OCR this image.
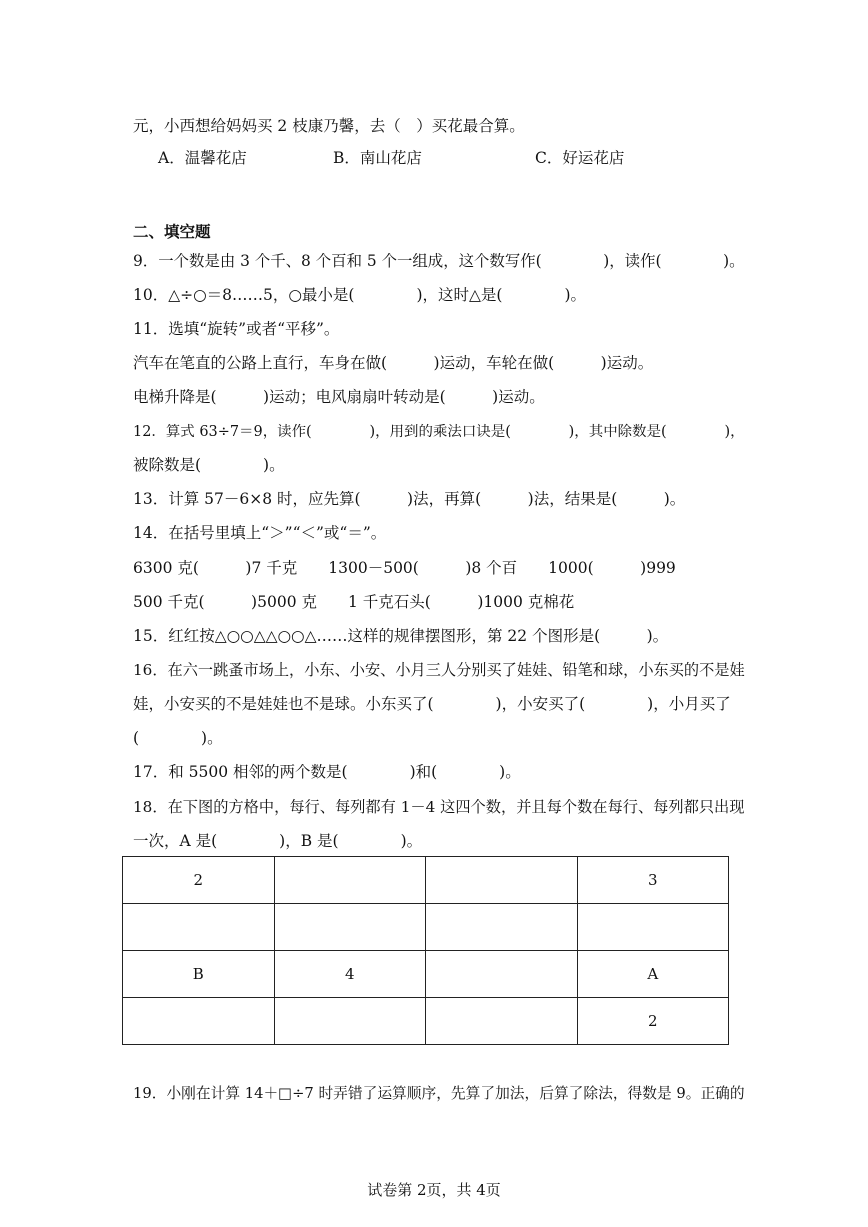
元，小西想给妈妈买 2 枝康乃馨，去（　）买花最合算。
A．温馨花店	B．南山花店	C．好运花店
二、填空题
9．一个数是由 3 个千、8 个百和 5 个一组成，这个数写作(　　　　)，读作(　　　　)。
10．△÷○＝8……5，○最小是(　　　　)，这时△是(　　　　)。
11．选填“旋转”或者“平移”。
汽车在笔直的公路上直行，车身在做(　　　)运动，车轮在做(　　　)运动。
电梯升降是(　　　)运动；电风扇扇叶转动是(　　　)运动。
12．算式 63÷7＝9，读作(　　　　)，用到的乘法口诀是(　　　　)，其中除数是(　　　　)，
被除数是(　　　　)。
13．计算 57－6×8 时，应先算(　　　)法，再算(　　　)法，结果是(　　　)。
14．在括号里填上“＞”“＜”或“＝”。
6300 克(　　　)7 千克　　1300－500(　　　)8 个百　　1000(　　　)999
500 千克(　　　)5000 克　　1 千克石头(　　　)1000 克棉花
15．红红按△○○△△○○△……这样的规律摆图形，第 22 个图形是(　　　)。
16．在六一跳蚤市场上，小东、小安、小月三人分别买了娃娃、铅笔和球，小东买的不是娃
娃，小安买的不是娃娃也不是球。小东买了(　　　　)，小安买了(　　　　)，小月买了
(　　　　)。
17．和 5500 相邻的两个数是(　　　　)和(　　　　)。
18．在下图的方格中，每行、每列都有 1－4 这四个数，并且每个数在每行、每列都只出现
一次，A 是(　　　　)，B 是(　　　　)。
2			3

B	4		A
			2
19．小刚在计算 14＋□÷7 时弄错了运算顺序，先算了加法，后算了除法，得数是 9。正确的
试卷第 2页，共 4页
